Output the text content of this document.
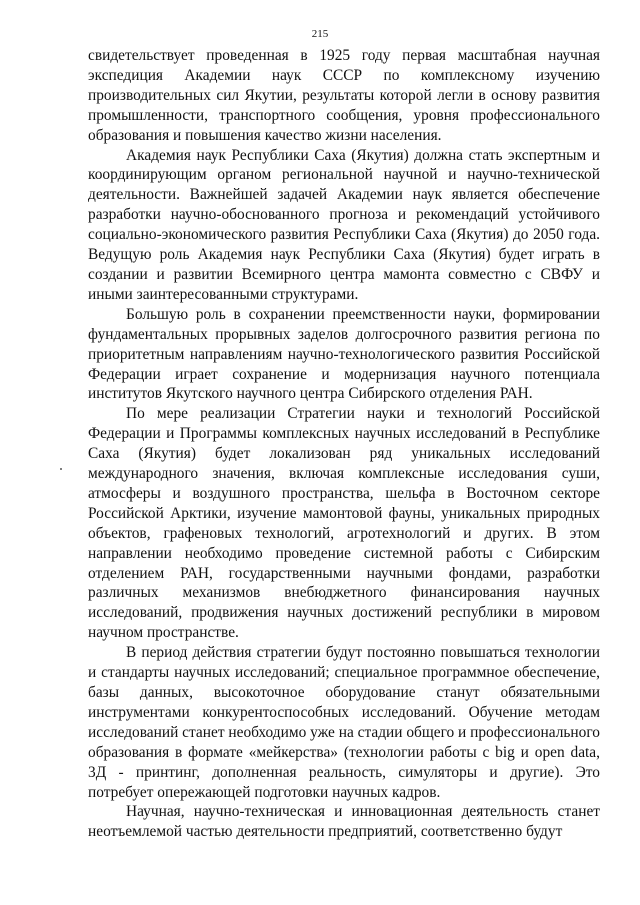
215

свидетельствует проведенная в 1925 году первая масштабная научная экспедиция Академии наук СССР по комплексному изучению производительных сил Якутии, результаты которой легли в основу развития промышленности, транспортного сообщения, уровня профессионального образования и повышения качество жизни населения.

Академия наук Республики Саха (Якутия) должна стать экспертным и координирующим органом региональной научной и научно-технической деятельности. Важнейшей задачей Академии наук является обеспечение разработки научно-обоснованного прогноза и рекомендаций устойчивого социально-экономического развития Республики Саха (Якутия) до 2050 года. Ведущую роль Академия наук Республики Саха (Якутия) будет играть в создании и развитии Всемирного центра мамонта совместно с СВФУ и иными заинтересованными структурами.

Большую роль в сохранении преемственности науки, формировании фундаментальных прорывных заделов долгосрочного развития региона по приоритетным направлениям научно-технологического развития Российской Федерации играет сохранение и модернизация научного потенциала институтов Якутского научного центра Сибирского отделения РАН.

По мере реализации Стратегии науки и технологий Российской Федерации и Программы комплексных научных исследований в Республике Саха (Якутия) будет локализован ряд уникальных исследований международного значения, включая комплексные исследования суши, атмосферы и воздушного пространства, шельфа в Восточном секторе Российской Арктики, изучение мамонтовой фауны, уникальных природных объектов, графеновых технологий, агротехнологий и других. В этом направлении необходимо проведение системной работы с Сибирским отделением РАН, государственными научными фондами, разработки различных механизмов внебюджетного финансирования научных исследований, продвижения научных достижений республики в мировом научном пространстве.

В период действия стратегии будут постоянно повышаться технологии и стандарты научных исследований; специальное программное обеспечение, базы данных, высокоточное оборудование станут обязательными инструментами конкурентоспособных исследований. Обучение методам исследований станет необходимо уже на стадии общего и профессионального образования в формате «мейкерства» (технологии работы с big и open data, 3Д - принтинг, дополненная реальность, симуляторы и другие). Это потребует опережающей подготовки научных кадров.

Научная, научно-техническая и инновационная деятельность станет неотъемлемой частью деятельности предприятий, соответственно будут
